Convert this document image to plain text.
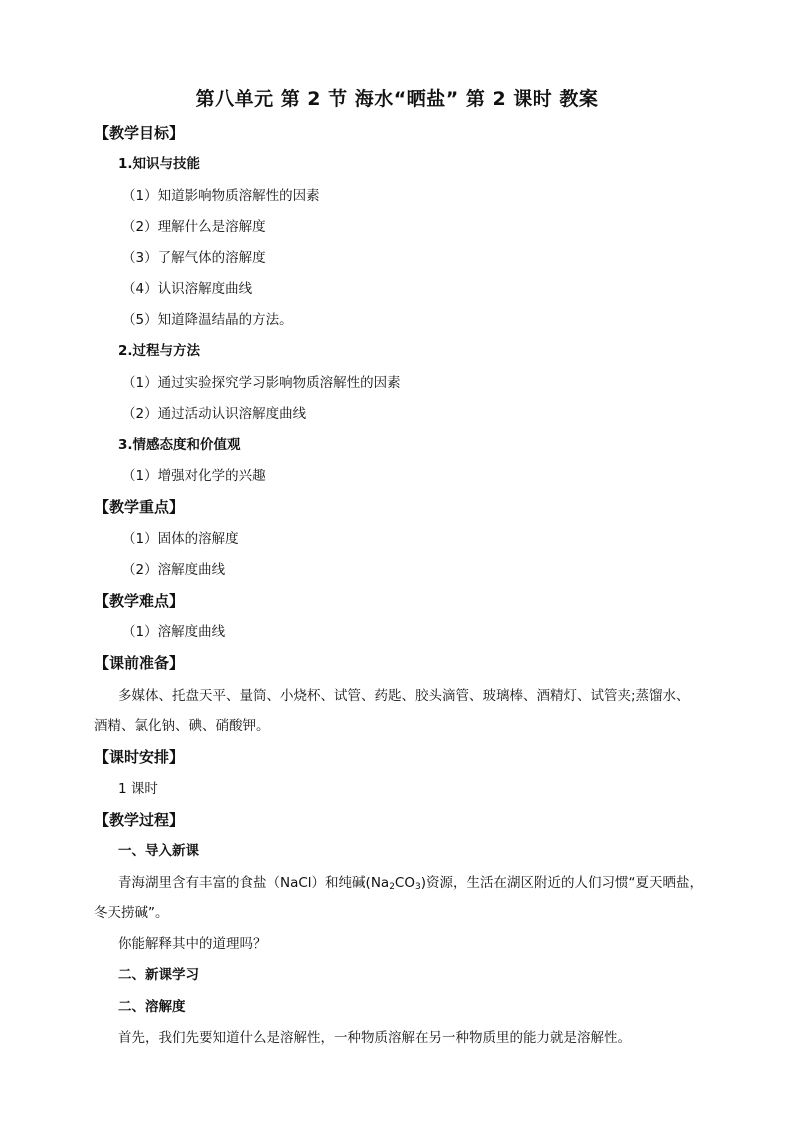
第八单元 第 2 节 海水“晒盐” 第 2 课时 教案
【教学目标】
1.知识与技能
（1）知道影响物质溶解性的因素
（2）理解什么是溶解度
（3）了解气体的溶解度
（4）认识溶解度曲线
（5）知道降温结晶的方法。
2.过程与方法
（1）通过实验探究学习影响物质溶解性的因素
（2）通过活动认识溶解度曲线
3.情感态度和价值观
（1）增强对化学的兴趣
【教学重点】
（1）固体的溶解度
（2）溶解度曲线
【教学难点】
（1）溶解度曲线
【课前准备】
多媒体、托盘天平、量筒、小烧杯、试管、药匙、胶头滴管、玻璃棒、酒精灯、试管夹;蒸馏水、
酒精、氯化钠、碘、硝酸钾。
【课时安排】
1 课时
【教学过程】
一、导入新课
青海湖里含有丰富的食盐（NaCl）和纯碱$(Na_2CO_3)$资源，生活在湖区附近的人们习惯“夏天晒盐，
冬天捞碱”。
你能解释其中的道理吗？
二、新课学习
二、溶解度
首先，我们先要知道什么是溶解性，一种物质溶解在另一种物质里的能力就是溶解性。
